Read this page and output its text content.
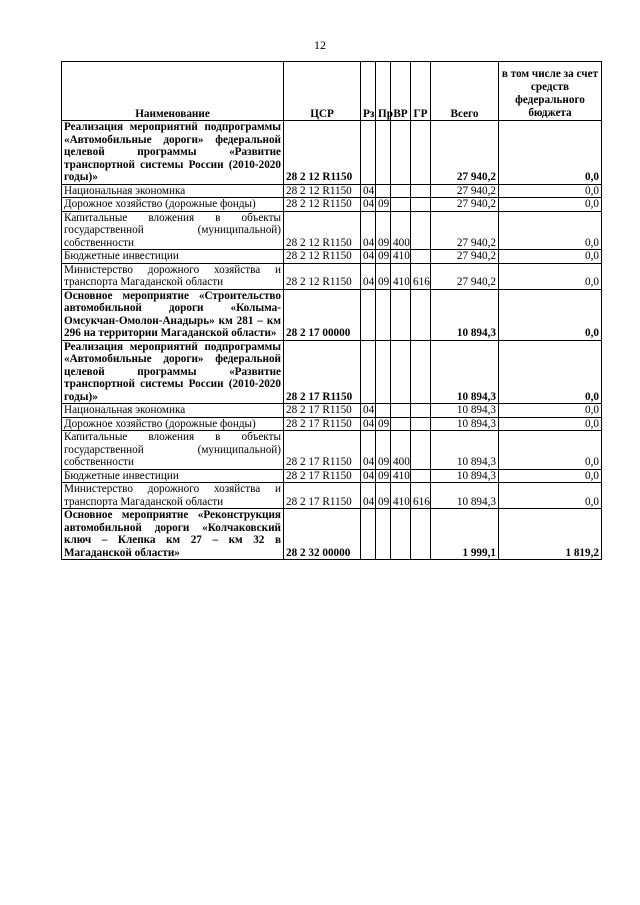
12
Наименование	ЦСР	Рз	Пр	ВР	ГР	Всего	в том числе за счет средств федерального бюджета
Реализация мероприятий подпрограммы «Автомобильные дороги» федеральной целевой программы «Развитие транспортной системы России (2010-2020 годы)»	28 2 12 R1150					27 940,2	0,0
Национальная экономика	28 2 12 R1150	04				27 940,2	0,0
Дорожное хозяйство (дорожные фонды)	28 2 12 R1150	04	09			27 940,2	0,0
Капитальные вложения в объекты государственной (муниципальной) собственности	28 2 12 R1150	04	09	400		27 940,2	0,0
Бюджетные инвестиции	28 2 12 R1150	04	09	410		27 940,2	0,0
Министерство дорожного хозяйства и транспорта Магаданской области	28 2 12 R1150	04	09	410	616	27 940,2	0,0
Основное мероприятие «Строительство автомобильной дороги «Колыма-Омсукчан-Омолон-Анадырь» км 281 – км 296 на территории Магаданской области»	28 2 17 00000					10 894,3	0,0
Реализация мероприятий подпрограммы «Автомобильные дороги» федеральной целевой программы «Развитие транспортной системы России (2010-2020 годы)»	28 2 17 R1150					10 894,3	0,0
Национальная экономика	28 2 17 R1150	04				10 894,3	0,0
Дорожное хозяйство (дорожные фонды)	28 2 17 R1150	04	09			10 894,3	0,0
Капитальные вложения в объекты государственной (муниципальной) собственности	28 2 17 R1150	04	09	400		10 894,3	0,0
Бюджетные инвестиции	28 2 17 R1150	04	09	410		10 894,3	0,0
Министерство дорожного хозяйства и транспорта Магаданской области	28 2 17 R1150	04	09	410	616	10 894,3	0,0
Основное мероприятие «Реконструкция автомобильной дороги «Колчаковский ключ – Клепка км 27 – км 32 в Магаданской области»	28 2 32 00000					1 999,1	1 819,2
